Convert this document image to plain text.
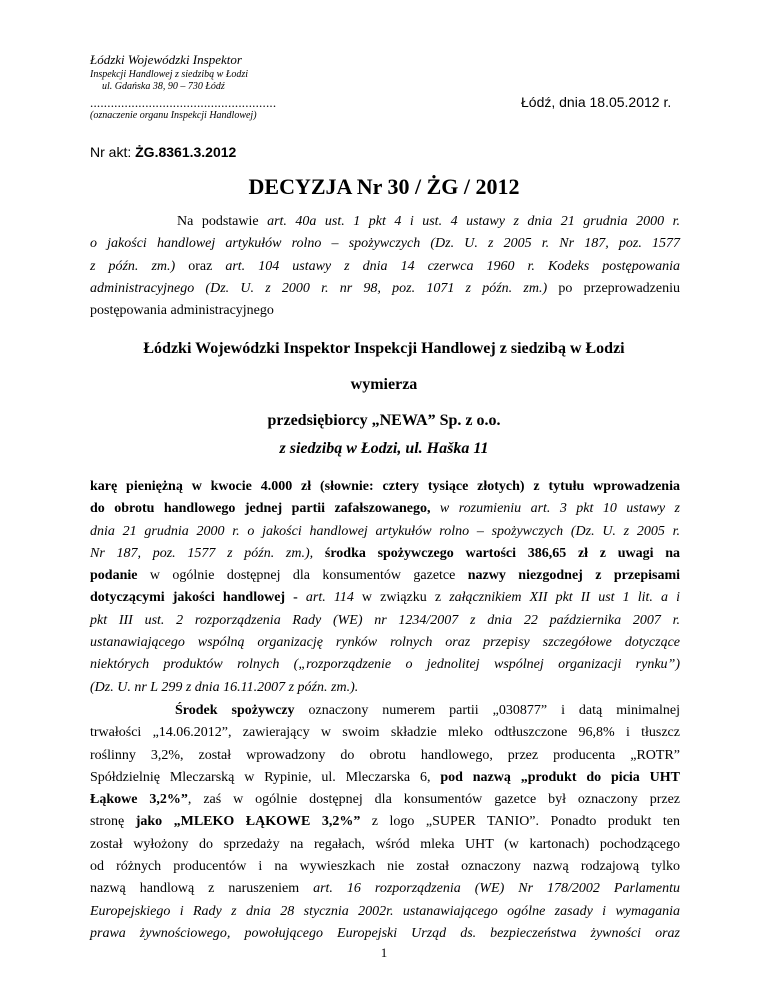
Łódzki Wojewódzki Inspektor
Inspekcji Handlowej z siedzibą w Łodzi
ul. Gdańska 38, 90 – 730 Łódź
......................................................
(oznaczenie organu Inspekcji Handlowej)
Łódź, dnia 18.05.2012 r.
Nr akt: ŻG.8361.3.2012
DECYZJA Nr 30 / ŻG / 2012
Na podstawie art. 40a ust. 1 pkt 4 i ust. 4 ustawy z dnia 21 grudnia 2000 r.
o jakości handlowej artykułów rolno – spożywczych (Dz. U. z 2005 r. Nr 187, poz. 1577
z późn. zm.) oraz art. 104 ustawy z dnia 14 czerwca 1960 r. Kodeks postępowania
administracyjnego (Dz. U. z 2000 r. nr 98, poz. 1071 z późn. zm.) po przeprowadzeniu
postępowania administracyjnego
Łódzki Wojewódzki Inspektor Inspekcji Handlowej z siedzibą w Łodzi
wymierza
przedsiębiorcy „NEWA” Sp. z o.o.
z siedzibą w Łodzi, ul. Haška 11
karę pieniężną w kwocie 4.000 zł (słownie: cztery tysiące złotych) z tytułu wprowadzenia
do obrotu handlowego jednej partii zafałszowanego, w rozumieniu art. 3 pkt 10 ustawy z
dnia 21 grudnia 2000 r. o jakości handlowej artykułów rolno – spożywczych (Dz. U. z 2005 r.
Nr 187, poz. 1577 z późn. zm.), środka spożywczego wartości 386,65 zł z uwagi na
podanie w ogólnie dostępnej dla konsumentów gazetce nazwy niezgodnej z przepisami
dotyczącymi jakości handlowej - art. 114 w związku z załącznikiem XII pkt II ust 1 lit. a i
pkt III ust. 2 rozporządzenia Rady (WE) nr 1234/2007 z dnia 22 października 2007 r.
ustanawiającego wspólną organizację rynków rolnych oraz przepisy szczegółowe dotyczące
niektórych produktów rolnych („rozporządzenie o jednolitej wspólnej organizacji rynku”)
(Dz. U. nr L 299 z dnia 16.11.2007 z późn. zm.).
Środek spożywczy oznaczony numerem partii „030877” i datą minimalnej
trwałości „14.06.2012”, zawierający w swoim składzie mleko odtłuszczone 96,8% i tłuszcz
roślinny 3,2%, został wprowadzony do obrotu handlowego, przez producenta „ROTR”
Spółdzielnię Mleczarską w Rypinie, ul. Mleczarska 6, pod nazwą „produkt do picia UHT
Łąkowe 3,2%”, zaś w ogólnie dostępnej dla konsumentów gazetce był oznaczony przez
stronę jako „MLEKO ŁĄKOWE 3,2%” z logo „SUPER TANIO”. Ponadto produkt ten
został wyłożony do sprzedaży na regałach, wśród mleka UHT (w kartonach) pochodzącego
od różnych producentów i na wywieszkach nie został oznaczony nazwą rodzajową tylko
nazwą handlową z naruszeniem art. 16 rozporządzenia (WE) Nr 178/2002 Parlamentu
Europejskiego i Rady z dnia 28 stycznia 2002r. ustanawiającego ogólne zasady i wymagania
prawa żywnościowego, powołującego Europejski Urząd ds. bezpieczeństwa żywności oraz
1
